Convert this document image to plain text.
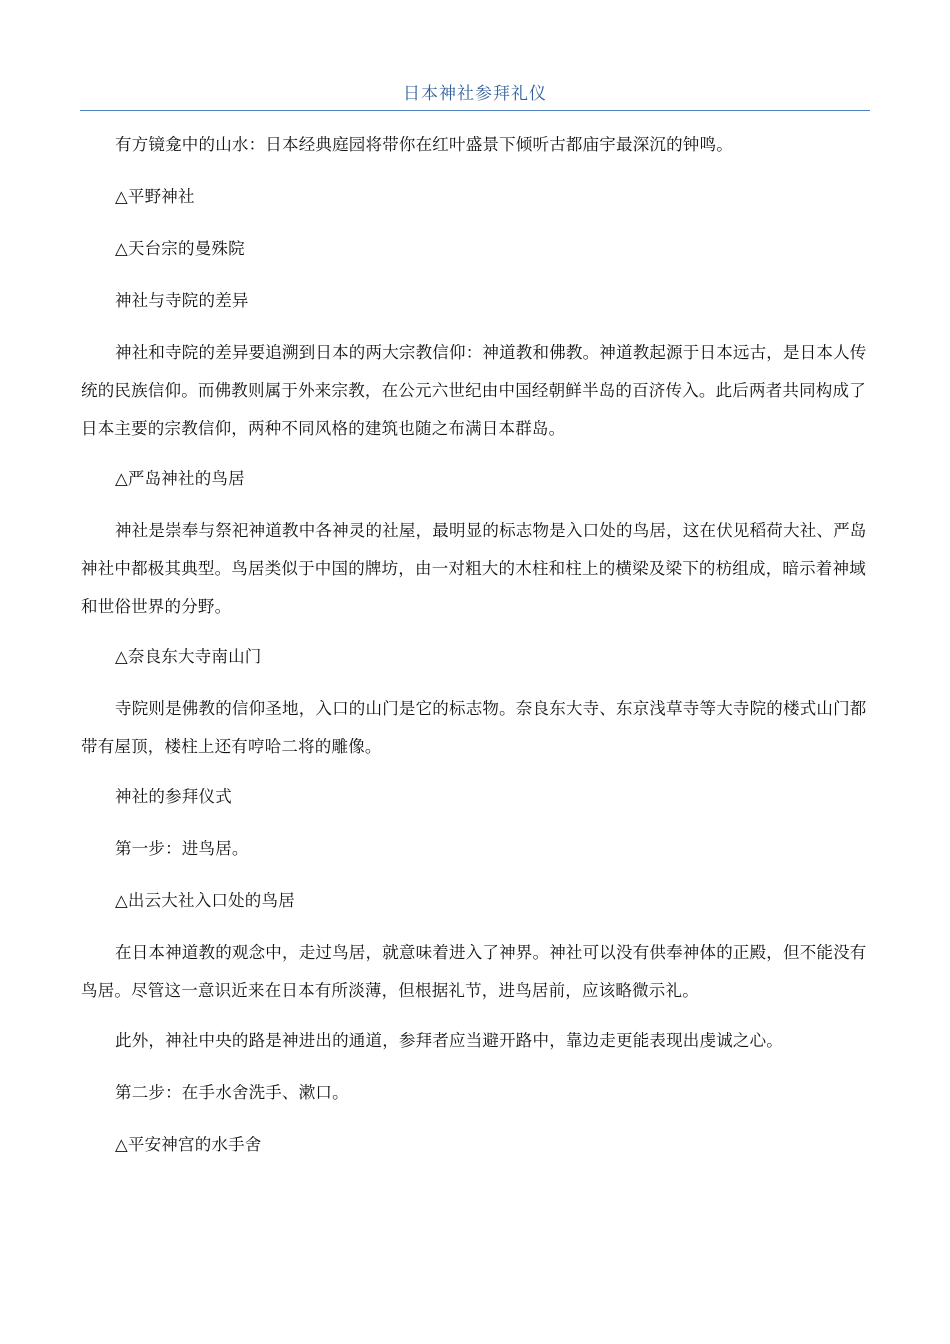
日本神社参拜礼仪

有方镜龛中的山水：日本经典庭园将带你在红叶盛景下倾听古都庙宇最深沉的钟鸣。

△平野神社

△天台宗的曼殊院

神社与寺院的差异

神社和寺院的差异要追溯到日本的两大宗教信仰：神道教和佛教。神道教起源于日本远古，是日本人传统的民族信仰。而佛教则属于外来宗教，在公元六世纪由中国经朝鲜半岛的百济传入。此后两者共同构成了日本主要的宗教信仰，两种不同风格的建筑也随之布满日本群岛。

△严岛神社的鸟居

神社是崇奉与祭祀神道教中各神灵的社屋，最明显的标志物是入口处的鸟居，这在伏见稻荷大社、严岛神社中都极其典型。鸟居类似于中国的牌坊，由一对粗大的木柱和柱上的横梁及梁下的枋组成，暗示着神域和世俗世界的分野。

△奈良东大寺南山门

寺院则是佛教的信仰圣地，入口的山门是它的标志物。奈良东大寺、东京浅草寺等大寺院的楼式山门都带有屋顶，楼柱上还有哼哈二将的雕像。

神社的参拜仪式

第一步：进鸟居。

△出云大社入口处的鸟居

在日本神道教的观念中，走过鸟居，就意味着进入了神界。神社可以没有供奉神体的正殿，但不能没有鸟居。尽管这一意识近来在日本有所淡薄，但根据礼节，进鸟居前，应该略微示礼。

此外，神社中央的路是神进出的通道，参拜者应当避开路中，靠边走更能表现出虔诚之心。

第二步：在手水舍洗手、漱口。

△平安神宫的水手舍
